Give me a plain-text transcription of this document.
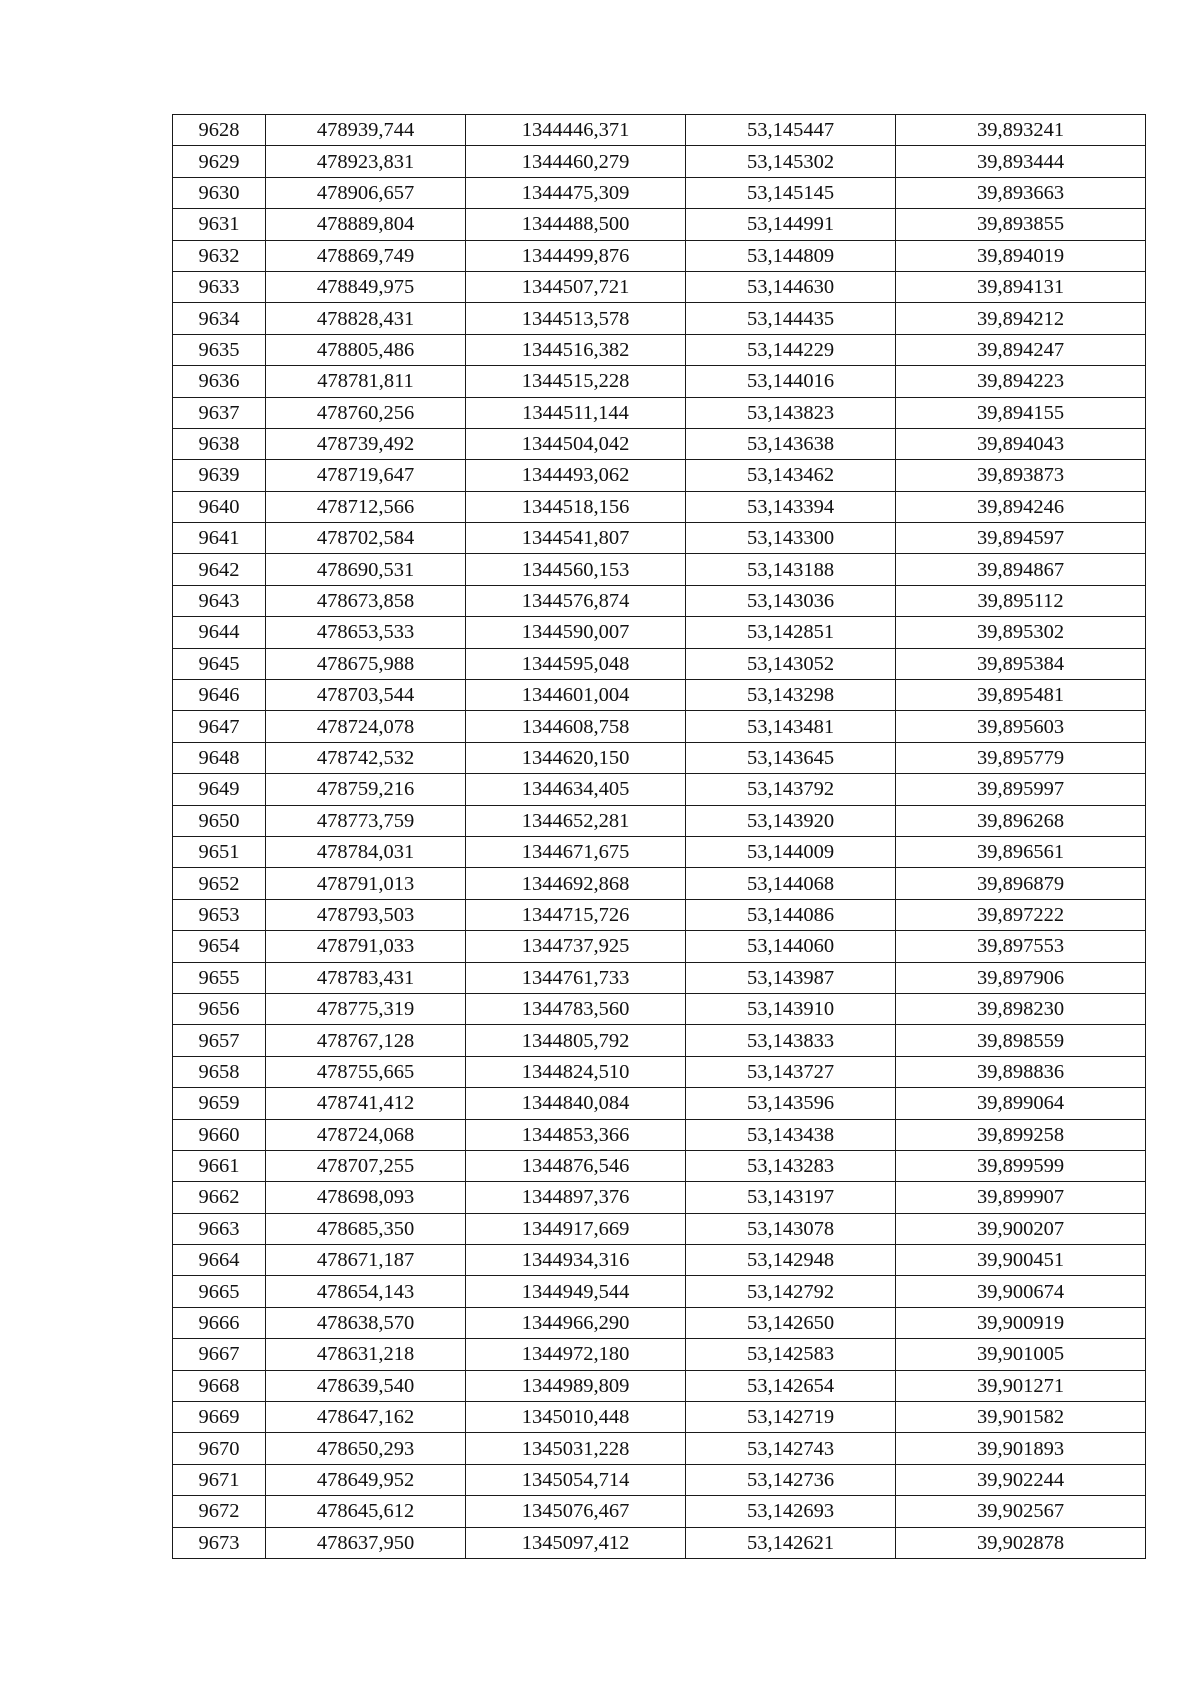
9628	478939,744	1344446,371	53,145447	39,893241
9629	478923,831	1344460,279	53,145302	39,893444
9630	478906,657	1344475,309	53,145145	39,893663
9631	478889,804	1344488,500	53,144991	39,893855
9632	478869,749	1344499,876	53,144809	39,894019
9633	478849,975	1344507,721	53,144630	39,894131
9634	478828,431	1344513,578	53,144435	39,894212
9635	478805,486	1344516,382	53,144229	39,894247
9636	478781,811	1344515,228	53,144016	39,894223
9637	478760,256	1344511,144	53,143823	39,894155
9638	478739,492	1344504,042	53,143638	39,894043
9639	478719,647	1344493,062	53,143462	39,893873
9640	478712,566	1344518,156	53,143394	39,894246
9641	478702,584	1344541,807	53,143300	39,894597
9642	478690,531	1344560,153	53,143188	39,894867
9643	478673,858	1344576,874	53,143036	39,895112
9644	478653,533	1344590,007	53,142851	39,895302
9645	478675,988	1344595,048	53,143052	39,895384
9646	478703,544	1344601,004	53,143298	39,895481
9647	478724,078	1344608,758	53,143481	39,895603
9648	478742,532	1344620,150	53,143645	39,895779
9649	478759,216	1344634,405	53,143792	39,895997
9650	478773,759	1344652,281	53,143920	39,896268
9651	478784,031	1344671,675	53,144009	39,896561
9652	478791,013	1344692,868	53,144068	39,896879
9653	478793,503	1344715,726	53,144086	39,897222
9654	478791,033	1344737,925	53,144060	39,897553
9655	478783,431	1344761,733	53,143987	39,897906
9656	478775,319	1344783,560	53,143910	39,898230
9657	478767,128	1344805,792	53,143833	39,898559
9658	478755,665	1344824,510	53,143727	39,898836
9659	478741,412	1344840,084	53,143596	39,899064
9660	478724,068	1344853,366	53,143438	39,899258
9661	478707,255	1344876,546	53,143283	39,899599
9662	478698,093	1344897,376	53,143197	39,899907
9663	478685,350	1344917,669	53,143078	39,900207
9664	478671,187	1344934,316	53,142948	39,900451
9665	478654,143	1344949,544	53,142792	39,900674
9666	478638,570	1344966,290	53,142650	39,900919
9667	478631,218	1344972,180	53,142583	39,901005
9668	478639,540	1344989,809	53,142654	39,901271
9669	478647,162	1345010,448	53,142719	39,901582
9670	478650,293	1345031,228	53,142743	39,901893
9671	478649,952	1345054,714	53,142736	39,902244
9672	478645,612	1345076,467	53,142693	39,902567
9673	478637,950	1345097,412	53,142621	39,902878
